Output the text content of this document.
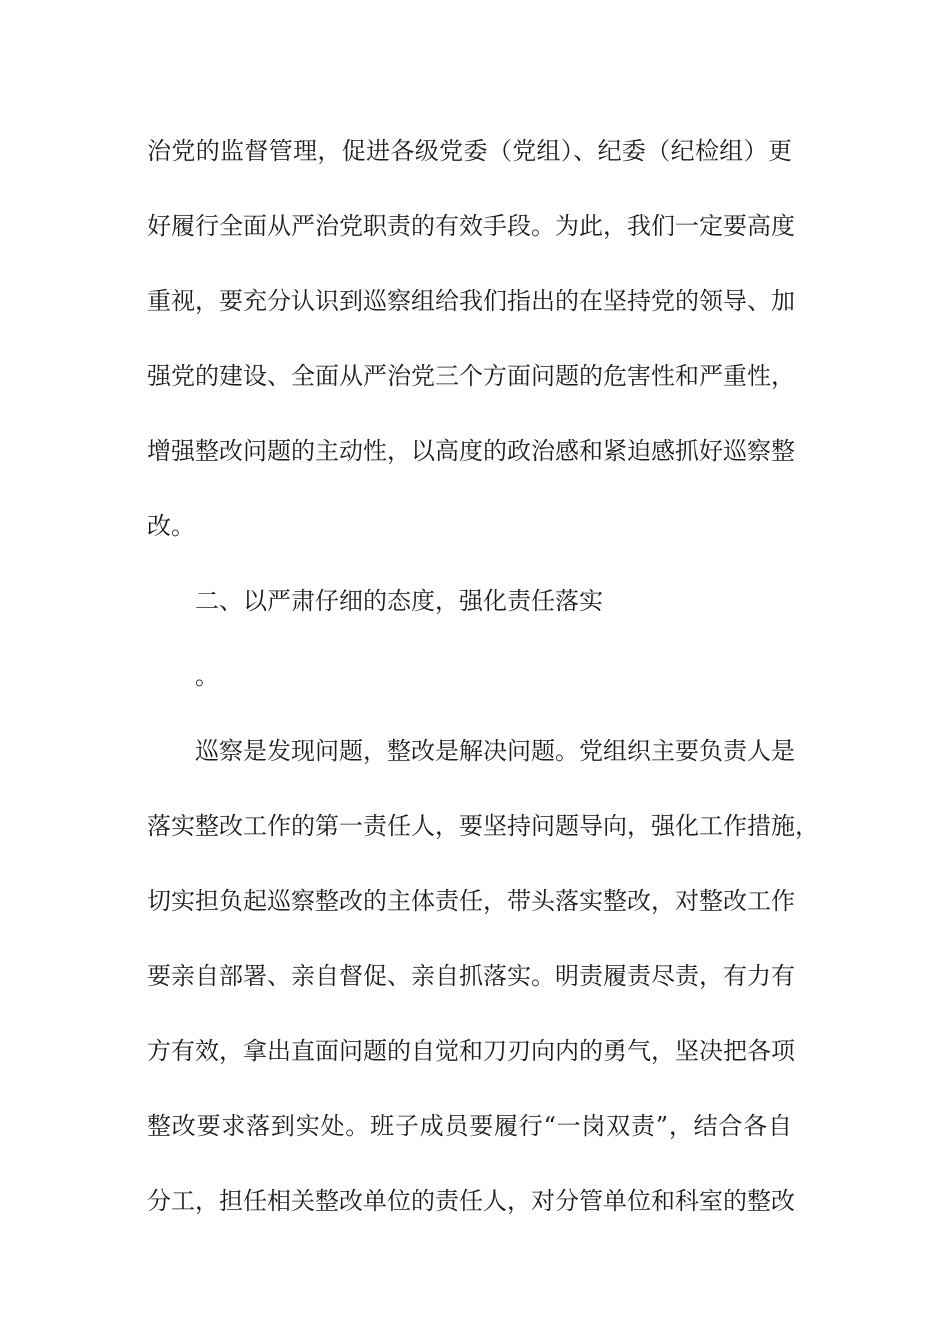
治党的监督管理，促进各级党委（党组）、纪委（纪检组）更
好履行全面从严治党职责的有效手段。为此，我们一定要高度
重视，要充分认识到巡察组给我们指出的在坚持党的领导、加
强党的建设、全面从严治党三个方面问题的危害性和严重性，
增强整改问题的主动性，以高度的政治感和紧迫感抓好巡察整
改。
二、以严肃仔细的态度，强化责任落实
。
巡察是发现问题，整改是解决问题。党组织主要负责人是
落实整改工作的第一责任人，要坚持问题导向，强化工作措施，
切实担负起巡察整改的主体责任，带头落实整改，对整改工作
要亲自部署、亲自督促、亲自抓落实。明责履责尽责，有力有
方有效，拿出直面问题的自觉和刀刃向内的勇气，坚决把各项
整改要求落到实处。班子成员要履行“一岗双责”，结合各自
分工，担任相关整改单位的责任人，对分管单位和科室的整改
